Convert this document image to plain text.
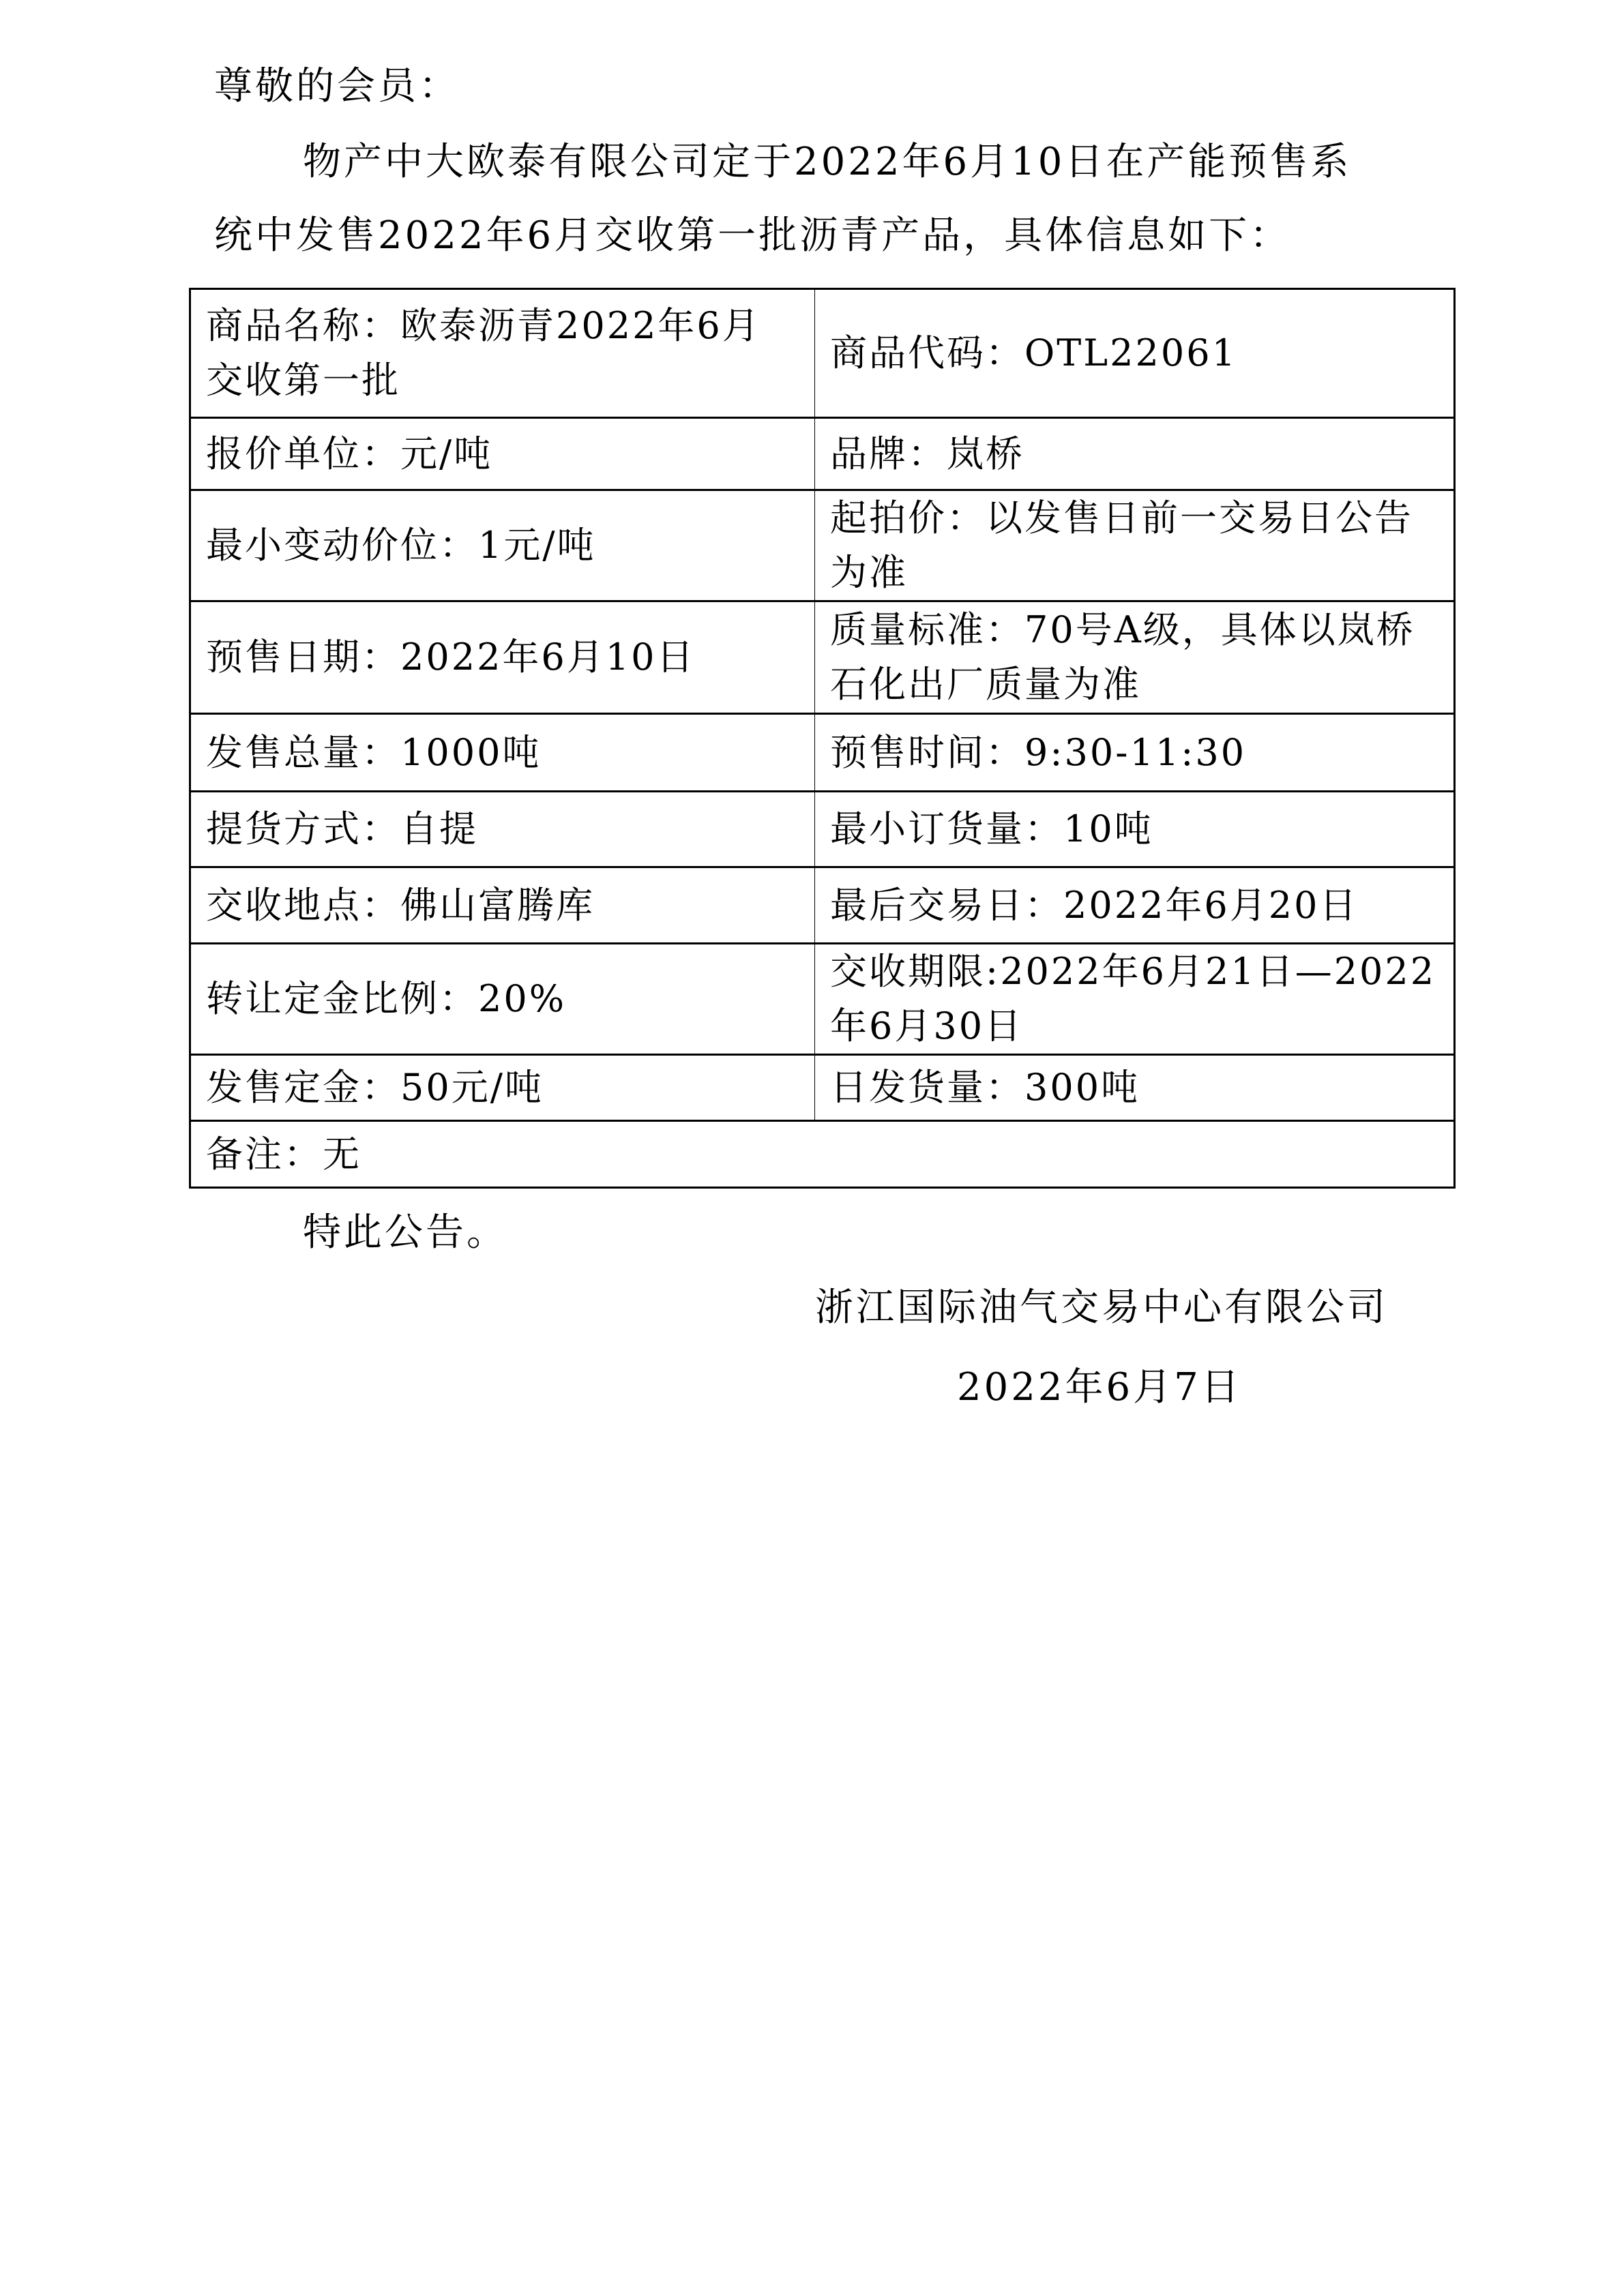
尊敬的会员：
物产中大欧泰有限公司定于2022年6月10日在产能预售系
统中发售2022年6月交收第一批沥青产品，具体信息如下：
商品名称：欧泰沥青2022年6月交收第一批	商品代码：OTL22061
报价单位：元/吨	品牌：岚桥
最小变动价位：1元/吨	起拍价：以发售日前一交易日公告为准
预售日期：2022年6月10日	质量标准：70号A级，具体以岚桥石化出厂质量为准
发售总量：1000吨	预售时间：9:30-11:30
提货方式：自提	最小订货量：10吨
交收地点：佛山富腾库	最后交易日：2022年6月20日
转让定金比例：20%	交收期限:2022年6月21日—2022年6月30日
发售定金：50元/吨	日发货量：300吨
备注：无	
特此公告。
浙江国际油气交易中心有限公司
2022年6月7日
